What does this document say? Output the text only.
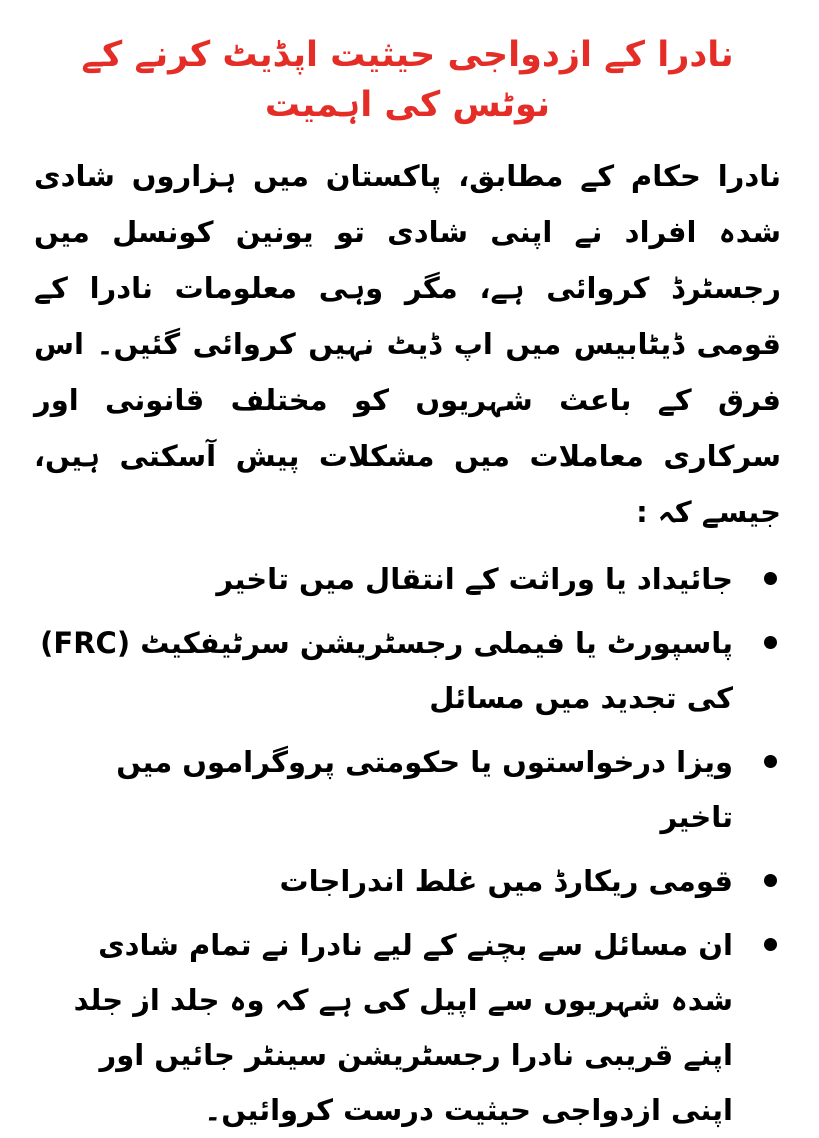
نادرا کے ازدواجی حیثیت اپڈیٹ کرنے کے نوٹس کی اہمیت

نادرا حکام کے مطابق، پاکستان میں ہزاروں شادی شدہ افراد نے اپنی شادی تو یونین کونسل میں رجسٹرڈ کروائی ہے، مگر وہی معلومات نادرا کے قومی ڈیٹابیس میں اپ ڈیٹ نہیں کروائی گئیں۔ اس فرق کے باعث شہریوں کو مختلف قانونی اور سرکاری معاملات میں مشکلات پیش آسکتی ہیں، جیسے کہ :

جائیداد یا وراثت کے انتقال میں تاخیر
پاسپورٹ یا فیملی رجسٹریشن سرٹیفکیٹ (FRC) کی تجدید میں مسائل
ویزا درخواستوں یا حکومتی پروگراموں میں تاخیر
قومی ریکارڈ میں غلط اندراجات
ان مسائل سے بچنے کے لیے نادرا نے تمام شادی شدہ شہریوں سے اپیل کی ہے کہ وہ جلد از جلد اپنے قریبی نادرا رجسٹریشن سینٹر جائیں اور اپنی ازدواجی حیثیت درست کروائیں۔
